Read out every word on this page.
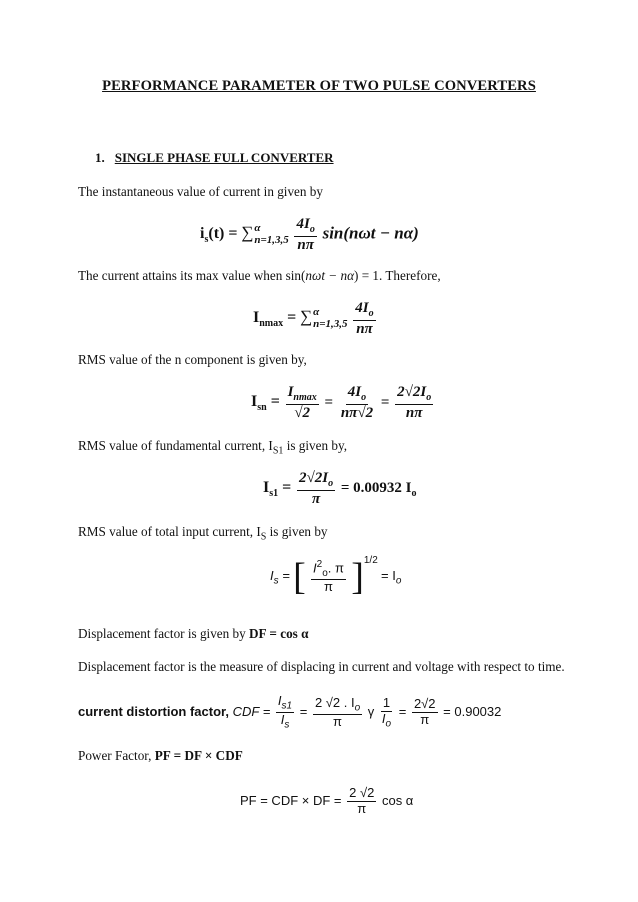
PERFORMANCE PARAMETER OF TWO PULSE CONVERTERS
1. SINGLE PHASE FULL CONVERTER
The instantaneous value of current in given by
$i_s(t)$ = ∑ α
n=1,3,5
$\frac{4I_o}{n\pi} \sin(n\omega t - n\alpha)$
The current attains its max value when sin(nωt − nα) = 1. Therefore,
$I_{nmax}$ = ∑ α
n=1,3,5
$\frac{4I_o}{n\pi}$
RMS value of the n component is given by,
$I_{sn} = \frac{I_{nmax}}{√2} = \frac{4I_o}{n\pi√2} = \frac{2√2I_o}{n\pi}$
RMS value of fundamental current, $I_{S1}$ is given by,
$I_{s1} = \frac{2√2I_o}{\pi} = 0.00932$ $I_o$
RMS value of total input current, $I_S$ is given by
$I_s$ = [ $\frac{I^2_o. \pi}{\pi} ]^{1/2} = I_o$
Displacement factor is given by DF = cos α
Displacement factor is the measure of displacing in current and voltage with respect to time.
current distortion factor, CDF = $\frac{I_{s1}}{I_s} = \frac{2 √2 . I_o}{\pi}$ γ $\frac{1}{I_o} = \frac{2√2}{\pi} = 0.90032$
Power Factor, PF = DF × CDF
PF = CDF × DF = $\frac{2 √2}{\pi}$ cos α
